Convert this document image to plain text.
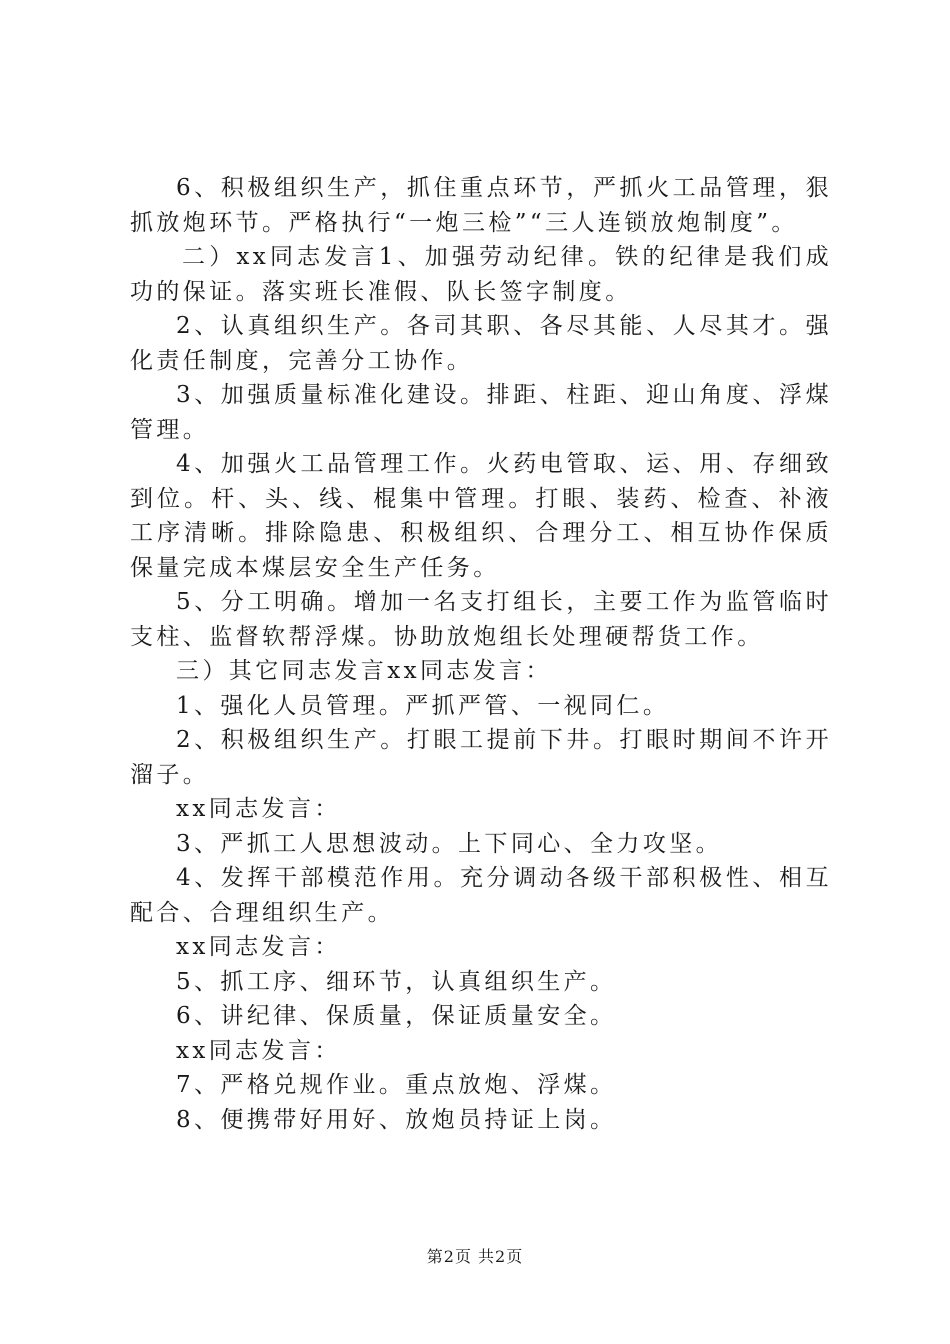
6、积极组织生产，抓住重点环节，严抓火工品管理，狠抓放炮环节。严格执行“一炮三检”“三人连锁放炮制度”。

二）xx同志发言1、加强劳动纪律。铁的纪律是我们成功的保证。落实班长准假、队长签字制度。

2、认真组织生产。各司其职、各尽其能、人尽其才。强化责任制度，完善分工协作。

3、加强质量标准化建设。排距、柱距、迎山角度、浮煤管理。

4、加强火工品管理工作。火药电管取、运、用、存细致到位。杆、头、线、棍集中管理。打眼、装药、检查、补液工序清晰。排除隐患、积极组织、合理分工、相互协作保质保量完成本煤层安全生产任务。

5、分工明确。增加一名支打组长，主要工作为监管临时支柱、监督软帮浮煤。协助放炮组长处理硬帮货工作。

三）其它同志发言xx同志发言：

1、强化人员管理。严抓严管、一视同仁。

2、积极组织生产。打眼工提前下井。打眼时期间不许开溜子。

xx同志发言：

3、严抓工人思想波动。上下同心、全力攻坚。

4、发挥干部模范作用。充分调动各级干部积极性、相互配合、合理组织生产。

xx同志发言：

5、抓工序、细环节，认真组织生产。

6、讲纪律、保质量，保证质量安全。

xx同志发言：

7、严格兑规作业。重点放炮、浮煤。

8、便携带好用好、放炮员持证上岗。

第2页 共2页
